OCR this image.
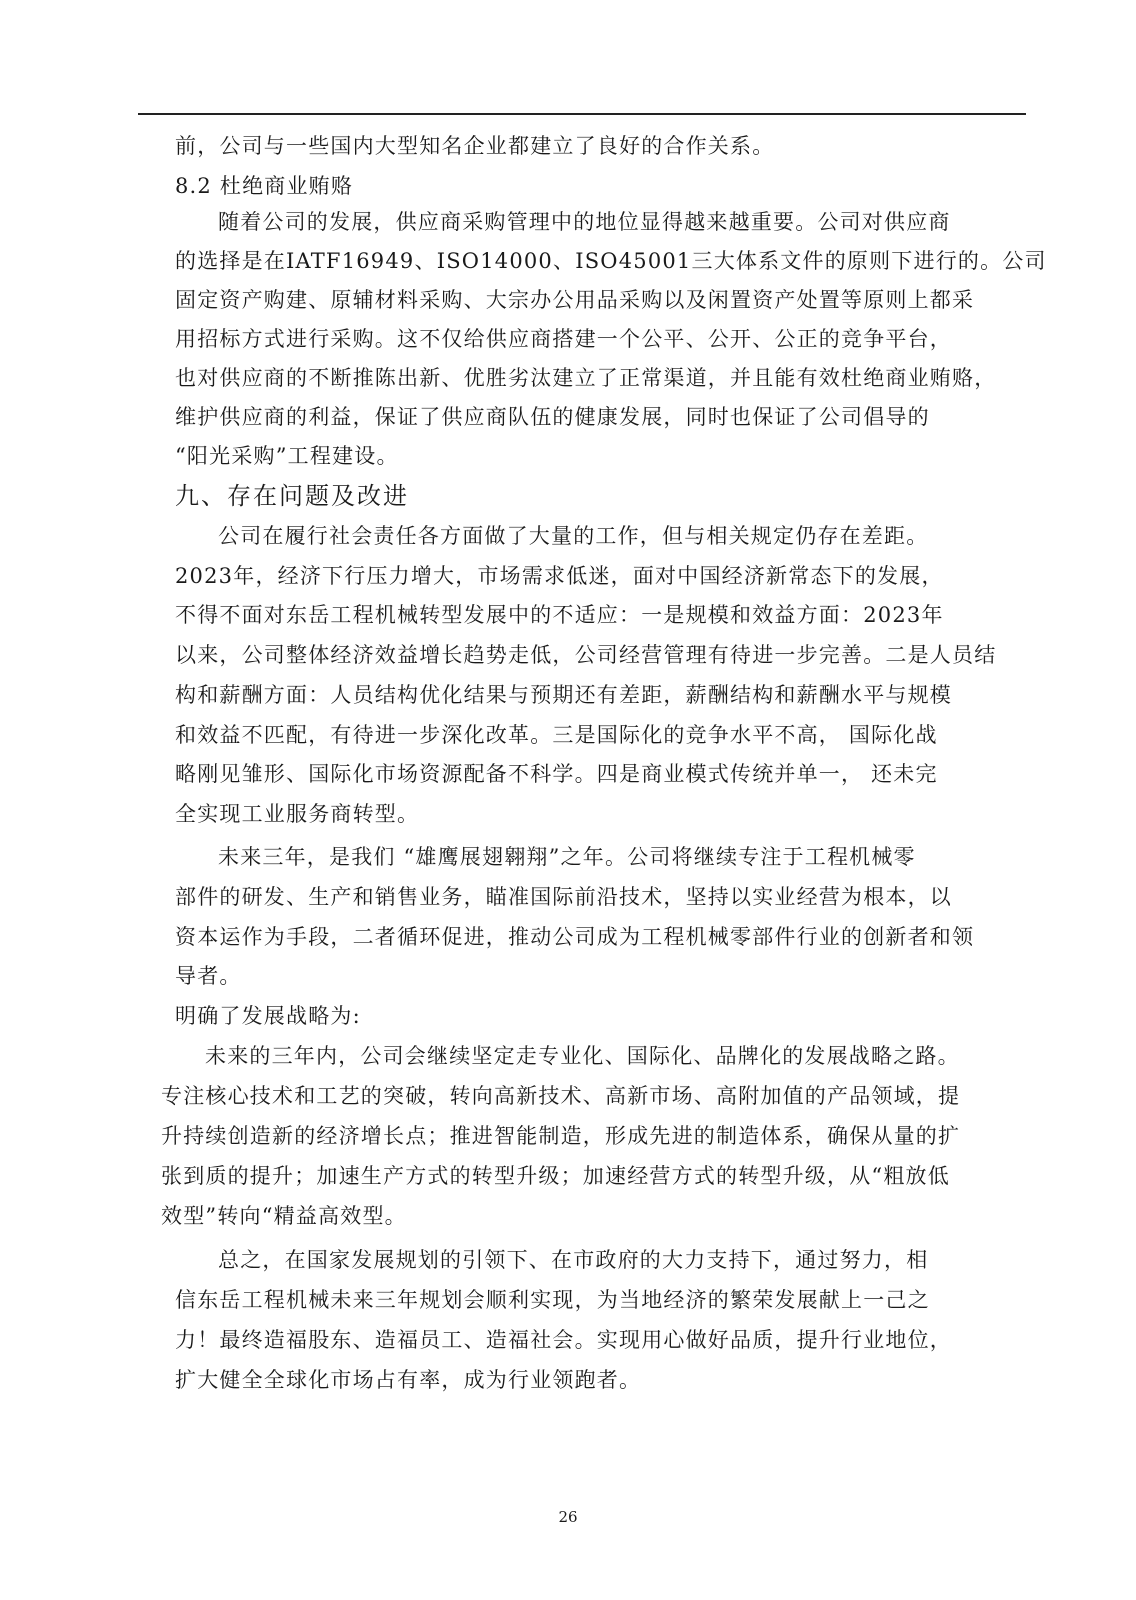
前，公司与一些国内大型知名企业都建立了良好的合作关系。
8.2 杜绝商业贿赂
随着公司的发展，供应商采购管理中的地位显得越来越重要。公司对供应商
的选择是在IATF16949、ISO14000、ISO45001三大体系文件的原则下进行的。公司
固定资产购建、原辅材料采购、大宗办公用品采购以及闲置资产处置等原则上都采
用招标方式进行采购。这不仅给供应商搭建一个公平、公开、公正的竞争平台，
也对供应商的不断推陈出新、优胜劣汰建立了正常渠道，并且能有效杜绝商业贿赂，
维护供应商的利益，保证了供应商队伍的健康发展，同时也保证了公司倡导的
“阳光采购”工程建设。
九、存在问题及改进
公司在履行社会责任各方面做了大量的工作，但与相关规定仍存在差距。
2023年，经济下行压力增大，市场需求低迷，面对中国经济新常态下的发展，
不得不面对东岳工程机械转型发展中的不适应：一是规模和效益方面：2023年
以来，公司整体经济效益增长趋势走低，公司经营管理有待进一步完善。二是人员结
构和薪酬方面：人员结构优化结果与预期还有差距，薪酬结构和薪酬水平与规模
和效益不匹配，有待进一步深化改革。三是国际化的竞争水平不高， 国际化战
略刚见雏形、国际化市场资源配备不科学。四是商业模式传统并单一， 还未完
全实现工业服务商转型。
未来三年，是我们 “雄鹰展翅翱翔”之年。公司将继续专注于工程机械零
部件的研发、生产和销售业务，瞄准国际前沿技术，坚持以实业经营为根本，以
资本运作为手段，二者循环促进，推动公司成为工程机械零部件行业的创新者和领
导者。
明确了发展战略为:
未来的三年内，公司会继续坚定走专业化、国际化、品牌化的发展战略之路。
专注核心技术和工艺的突破，转向高新技术、高新市场、高附加值的产品领域，提
升持续创造新的经济增长点；推进智能制造，形成先进的制造体系，确保从量的扩
张到质的提升；加速生产方式的转型升级；加速经营方式的转型升级，从“粗放低
效型”转向“精益高效型。
总之，在国家发展规划的引领下、在市政府的大力支持下，通过努力，相
信东岳工程机械未来三年规划会顺利实现，为当地经济的繁荣发展献上一己之
力！最终造福股东、造福员工、造福社会。实现用心做好品质，提升行业地位，
扩大健全全球化市场占有率，成为行业领跑者。
26
